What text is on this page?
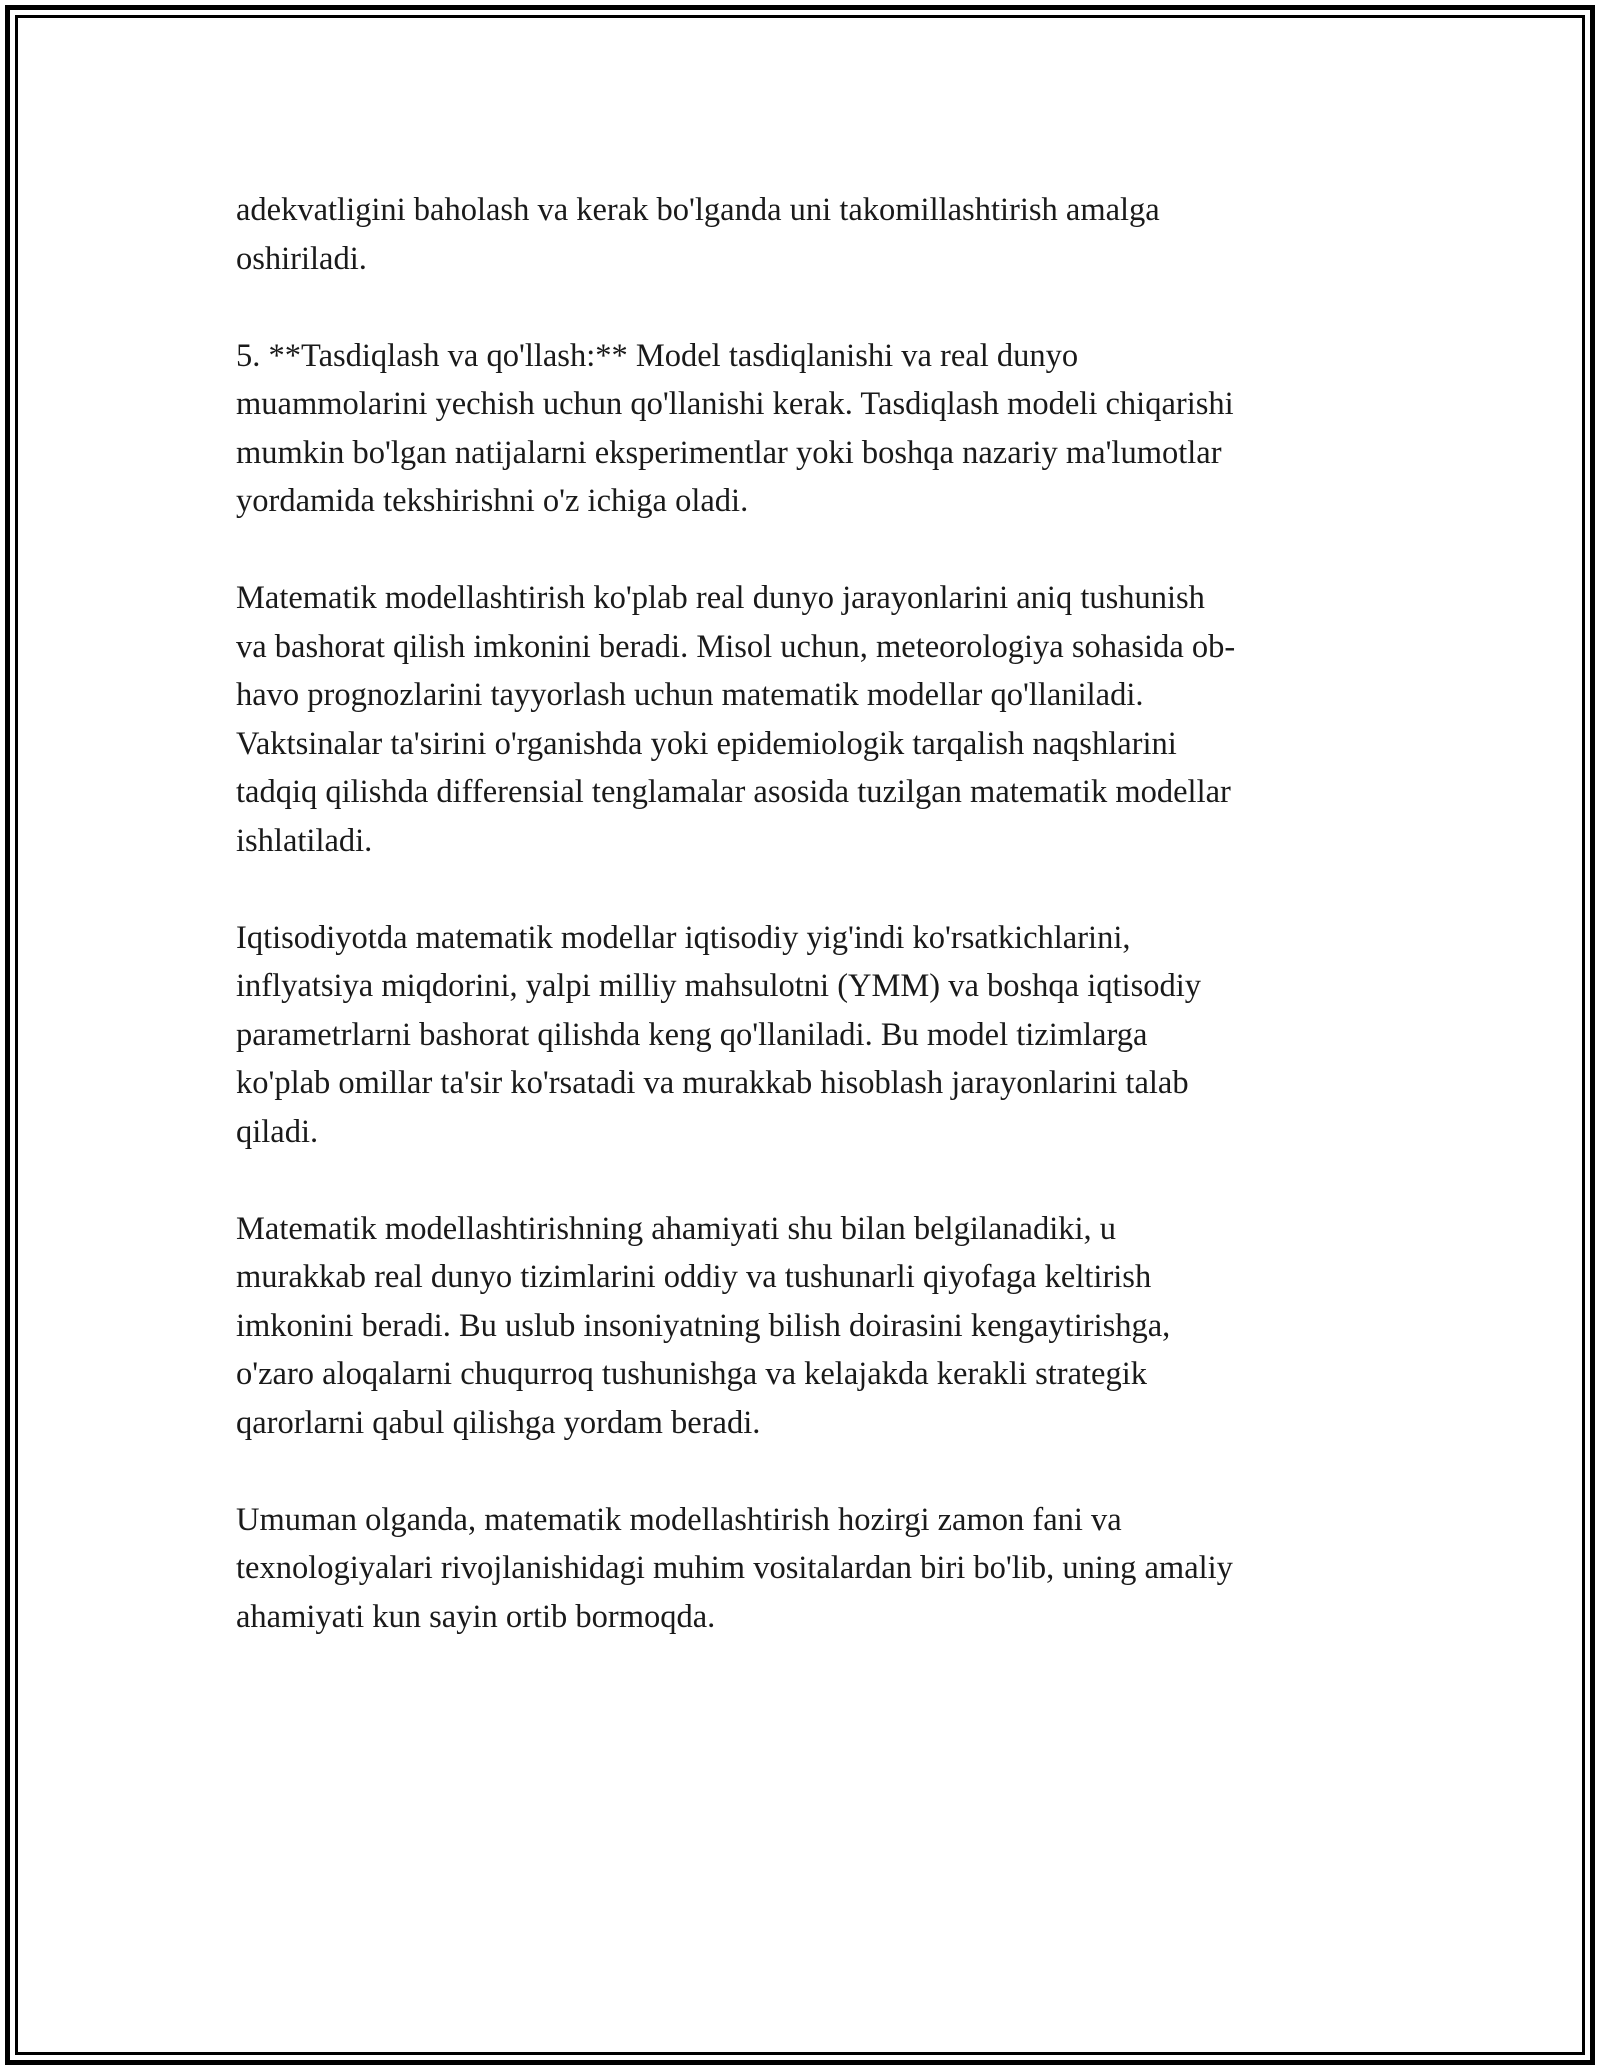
adekvatligini baholash va kerak bo'lganda uni takomillashtirish amalga
oshiriladi.

5. **Tasdiqlash va qo'llash:** Model tasdiqlanishi va real dunyo
muammolarini yechish uchun qo'llanishi kerak. Tasdiqlash modeli chiqarishi
mumkin bo'lgan natijalarni eksperimentlar yoki boshqa nazariy ma'lumotlar
yordamida tekshirishni o'z ichiga oladi.

Matematik modellashtirish ko'plab real dunyo jarayonlarini aniq tushunish
va bashorat qilish imkonini beradi. Misol uchun, meteorologiya sohasida ob-
havo prognozlarini tayyorlash uchun matematik modellar qo'llaniladi.
Vaktsinalar ta'sirini o'rganishda yoki epidemiologik tarqalish naqshlarini
tadqiq qilishda differensial tenglamalar asosida tuzilgan matematik modellar
ishlatiladi.

Iqtisodiyotda matematik modellar iqtisodiy yig'indi ko'rsatkichlarini,
inflyatsiya miqdorini, yalpi milliy mahsulotni (YMM) va boshqa iqtisodiy
parametrlarni bashorat qilishda keng qo'llaniladi. Bu model tizimlarga
ko'plab omillar ta'sir ko'rsatadi va murakkab hisoblash jarayonlarini talab
qiladi.

Matematik modellashtirishning ahamiyati shu bilan belgilanadiki, u
murakkab real dunyo tizimlarini oddiy va tushunarli qiyofaga keltirish
imkonini beradi. Bu uslub insoniyatning bilish doirasini kengaytirishga,
o'zaro aloqalarni chuqurroq tushunishga va kelajakda kerakli strategik
qarorlarni qabul qilishga yordam beradi.

Umuman olganda, matematik modellashtirish hozirgi zamon fani va
texnologiyalari rivojlanishidagi muhim vositalardan biri bo'lib, uning amaliy
ahamiyati kun sayin ortib bormoqda.
